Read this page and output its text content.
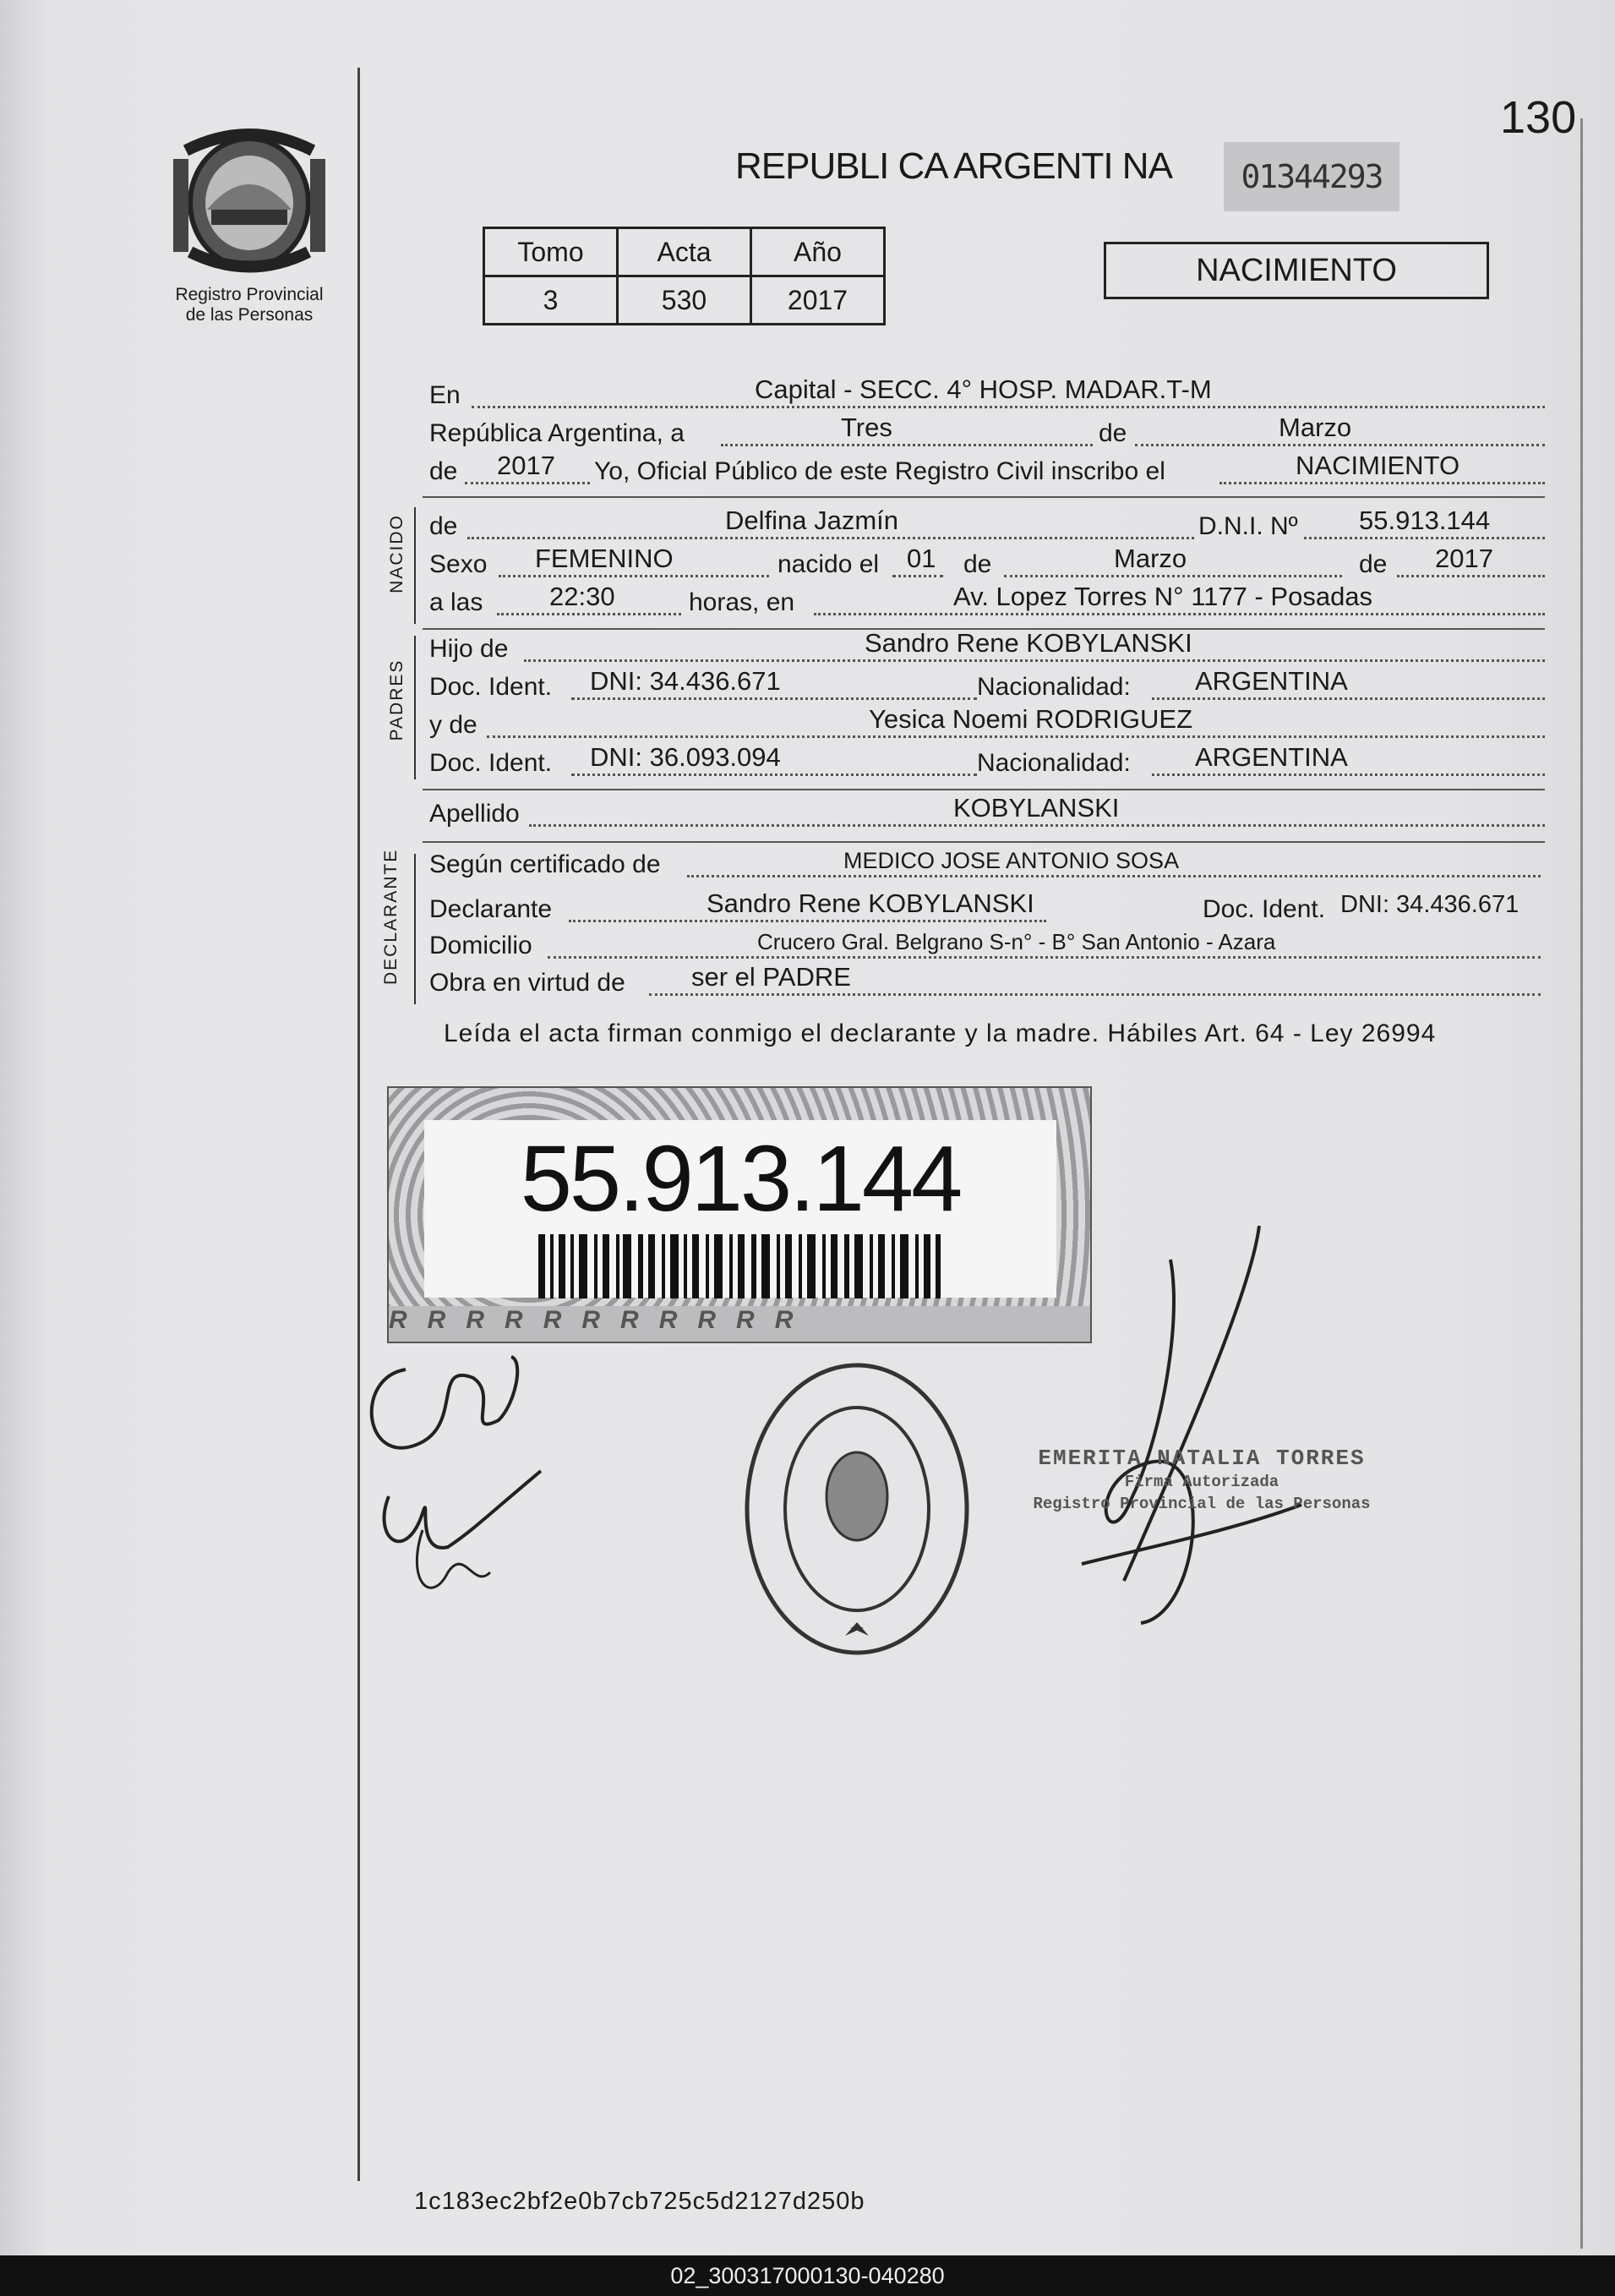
Registro Provincial
de las Personas
130
REPUBLI CA ARGENTI NA	01344293
Tomo	Acta	Año
3	530	2017
NACIMIENTO
En	Capital - SECC. 4° HOSP. MADAR.T-M
República Argentina, a	Tres	de	Marzo
de 2017 Yo, Oficial Público de este Registro Civil inscribo el	NACIMIENTO
NACIDO de	Delfina Jazmín	D.N.I. Nº 55.913.144
Sexo FEMENINO	nacido el 01 de	Marzo	de 2017
a las	22:30	horas, en	Av. Lopez Torres N° 1177 - Posadas
PADRES
Hijo de	Sandro Rene KOBYLANSKI
Doc. Ident. DNI: 34.436.671	Nacionalidad: ARGENTINA
y de	Yesica Noemi RODRIGUEZ
Doc. Ident. DNI: 36.093.094	Nacionalidad: ARGENTINA
Apellido	KOBYLANSKI
DECLARANTE Según certificado de	MEDICO JOSE ANTONIO SOSA
Declarante	Sandro Rene KOBYLANSKI	Doc. Ident. DNI: 34.436.671
Domicilio	Crucero Gral. Belgrano S-n° - B° San Antonio - Azara
Obra en virtud de	ser el PADRE
Leída el acta firman conmigo el declarante y la madre. Hábiles Art. 64 - Ley 26994
55.913.144
R R R R R R R R R R R
EMERITA NATALIA TORRES
Firma Autorizada
Registro Provincial de las Personas
1c183ec2bf2e0b7cb725c5d2127d250b
02_300317000130-040280
